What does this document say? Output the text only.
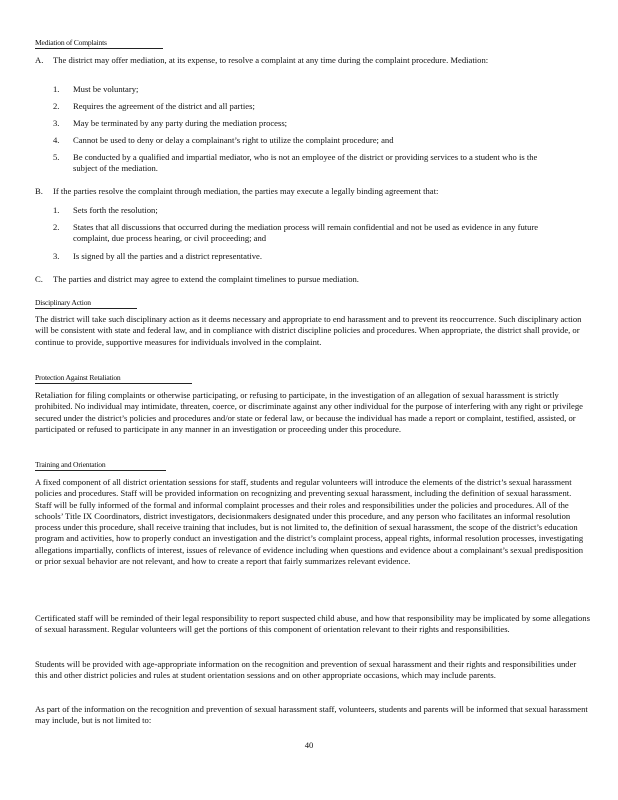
Mediation of Complaints
A.	The district may offer mediation, at its expense, to resolve a complaint at any time during the complaint procedure. Mediation:

1.	Must be voluntary;

2.	Requires the agreement of the district and all parties;

3.	May be terminated by any party during the mediation process;

4.	Cannot be used to deny or delay a complainant’s right to utilize the complaint procedure; and

5.	Be conducted by a qualified and impartial mediator, who is not an employee of the district or providing services to a student who is the subject of the mediation.

B.	If the parties resolve the complaint through mediation, the parties may execute a legally binding agreement that:

1.	Sets forth the resolution;

2.	States that all discussions that occurred during the mediation process will remain confidential and not be used as evidence in any future complaint, due process hearing, or civil proceeding; and

3.	Is signed by all the parties and a district representative.

C.	The parties and district may agree to extend the complaint timelines to pursue mediation.

Disciplinary Action

The district will take such disciplinary action as it deems necessary and appropriate to end harassment and to prevent its reoccurrence. Such disciplinary action will be consistent with state and federal law, and in compliance with district discipline policies and procedures. When appropriate, the district shall provide, or continue to provide, supportive measures for individuals involved in the complaint.

Protection Against Retaliation

Retaliation for filing complaints or otherwise participating, or refusing to participate, in the investigation of an allegation of sexual harassment is strictly prohibited. No individual may intimidate, threaten, coerce, or discriminate against any other individual for the purpose of interfering with any right or privilege secured under the district’s policies and procedures and/or state or federal law, or because the individual has made a report or complaint, testified, assisted, or participated or refused to participate in any manner in an investigation or proceeding under this procedure.

Training and Orientation

A fixed component of all district orientation sessions for staff, students and regular volunteers will introduce the elements of the district’s sexual harassment policies and procedures. Staff will be provided information on recognizing and preventing sexual harassment, including the definition of sexual harassment. Staff will be fully informed of the formal and informal complaint processes and their roles and responsibilities under the policies and procedures. All of the schools’ Title IX Coordinators, district investigators, decisionmakers designated under this procedure, and any person who facilitates an informal resolution process under this procedure, shall receive training that includes, but is not limited to, the definition of sexual harassment, the scope of the district’s education program and activities, how to properly conduct an investigation and the district’s complaint process, appeal rights, informal resolution processes, investigating allegations impartially, conflicts of interest, issues of relevance of evidence including when questions and evidence about a complainant’s sexual predisposition or prior sexual behavior are not relevant, and how to create a report that fairly summarizes relevant evidence.

Certificated staff will be reminded of their legal responsibility to report suspected child abuse, and how that responsibility may be implicated by some allegations of sexual harassment. Regular volunteers will get the portions of this component of orientation relevant to their rights and responsibilities.

Students will be provided with age-appropriate information on the recognition and prevention of sexual harassment and their rights and responsibilities under this and other district policies and rules at student orientation sessions and on other appropriate occasions, which may include parents.

As part of the information on the recognition and prevention of sexual harassment staff, volunteers, students and parents will be informed that sexual harassment may include, but is not limited to:

40
